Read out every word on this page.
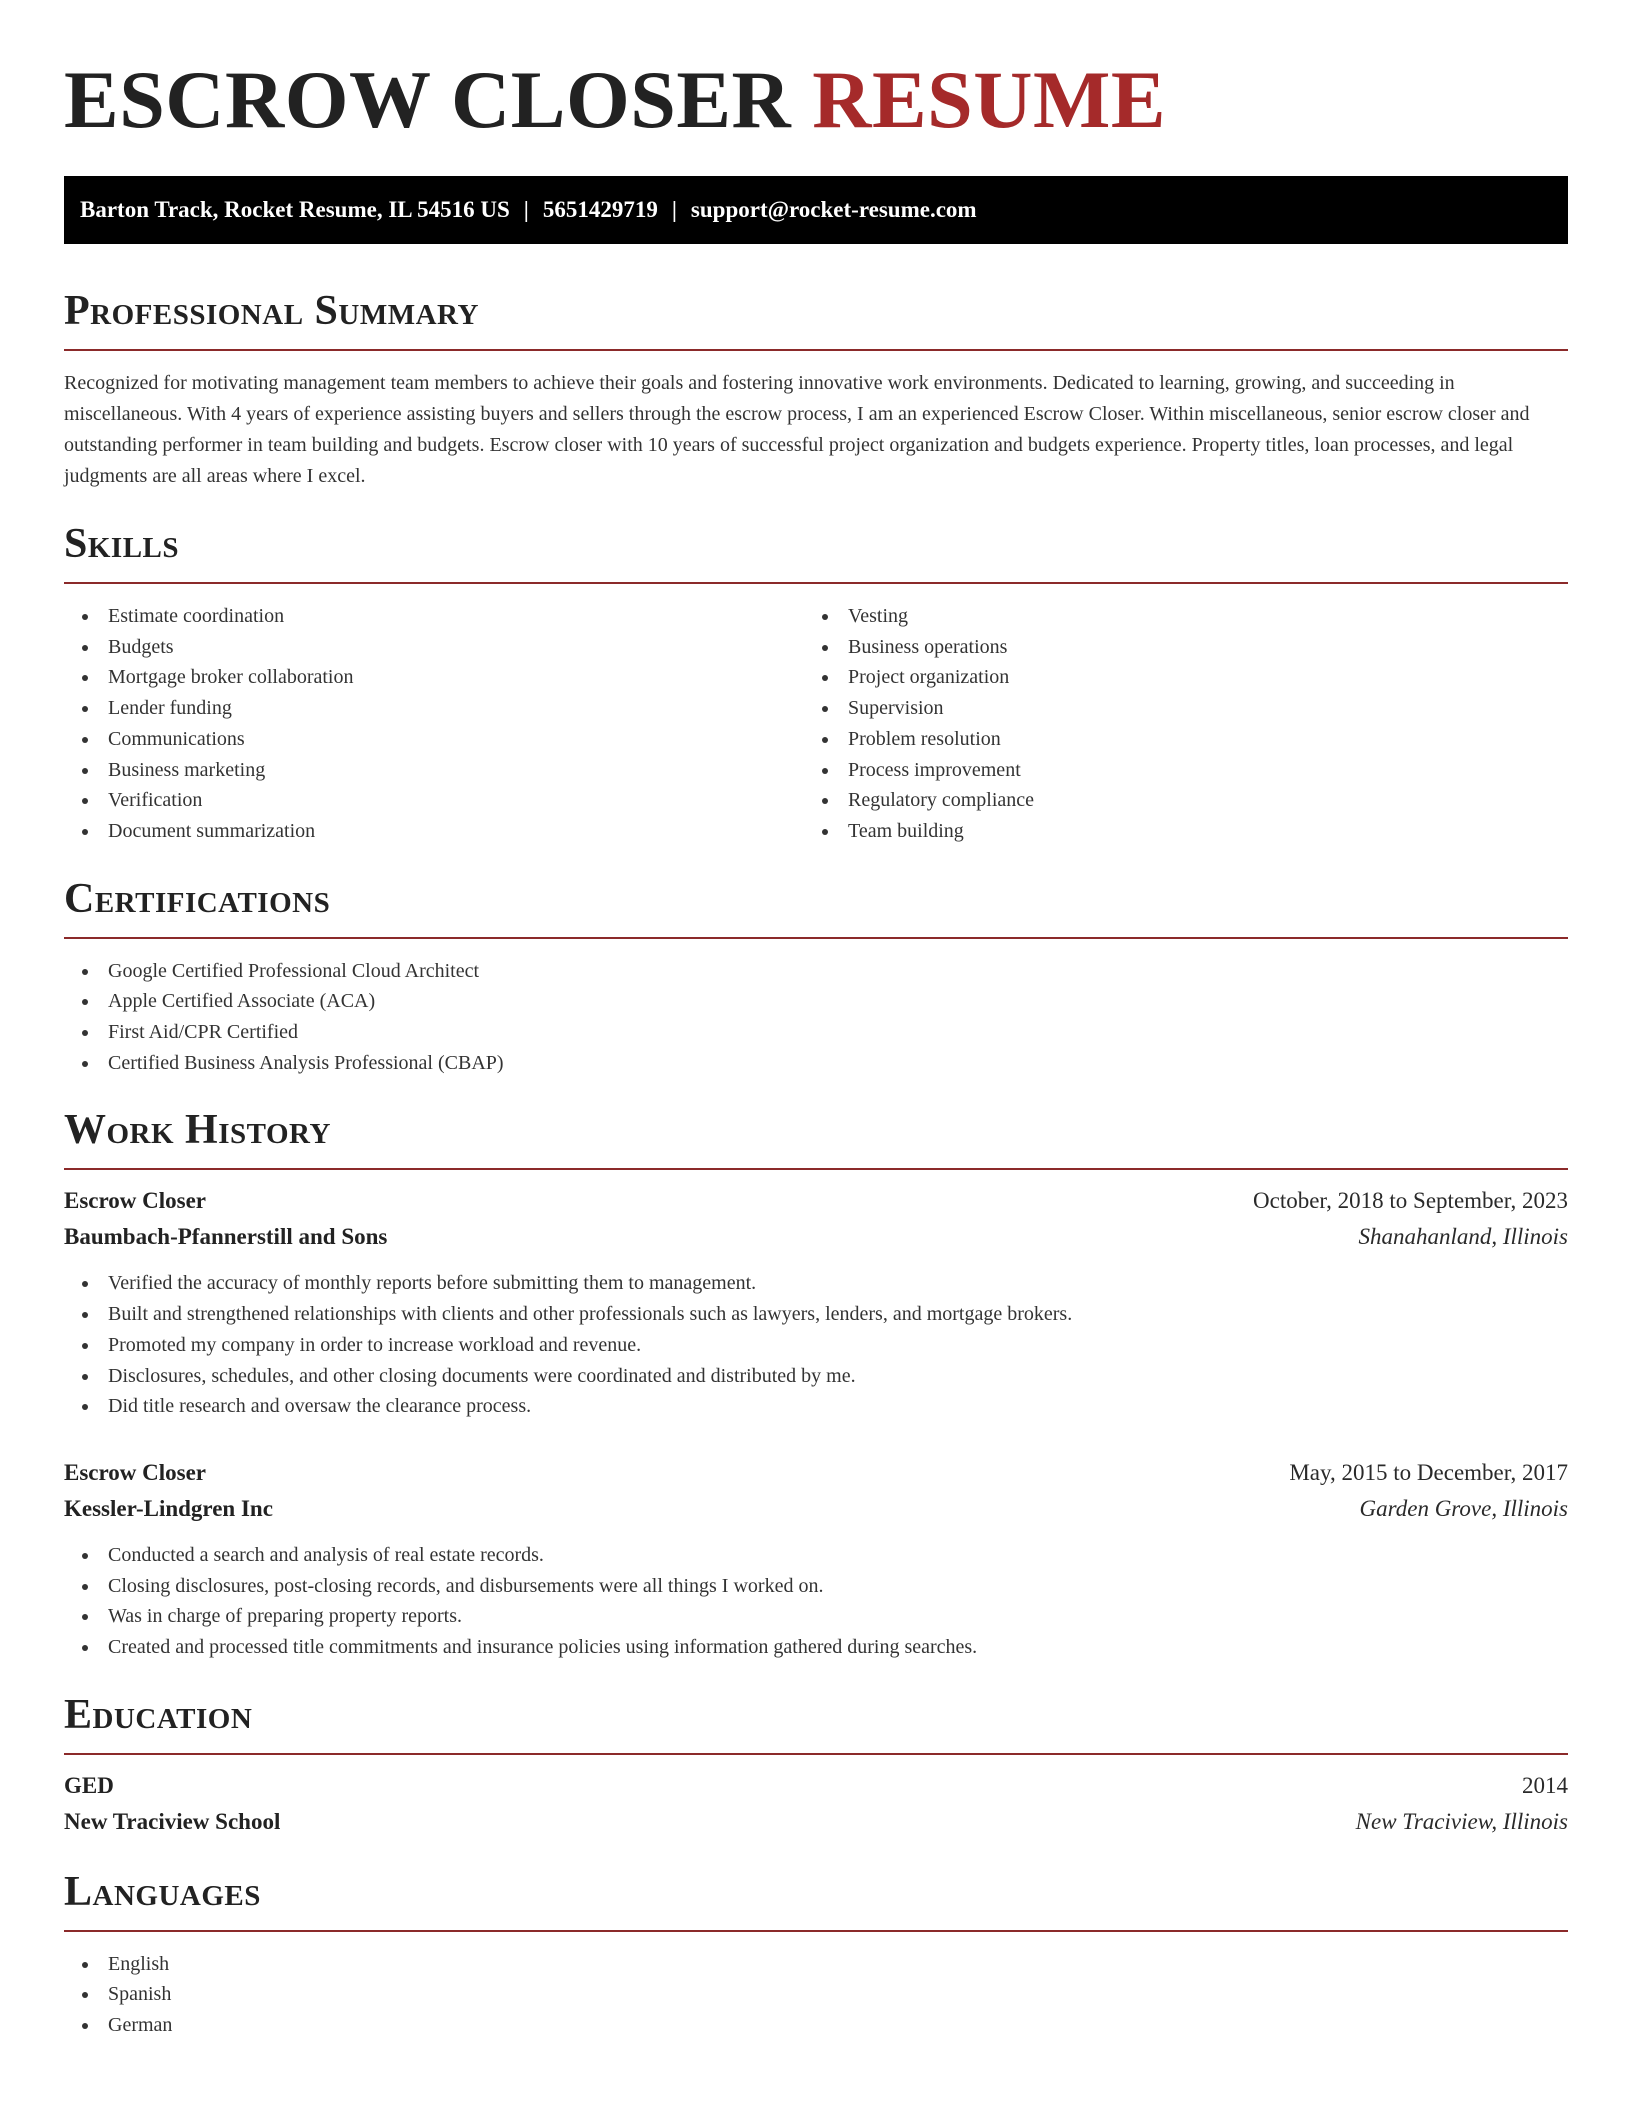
ESCROW CLOSER RESUME
Barton Track, Rocket Resume, IL 54516 US | 5651429719 | support@rocket-resume.com
Professional Summary

Recognized for motivating management team members to achieve their goals and fostering innovative work environments. Dedicated to learning, growing, and succeeding in miscellaneous. With 4 years of experience assisting buyers and sellers through the escrow process, I am an experienced Escrow Closer. Within miscellaneous, senior escrow closer and outstanding performer in team building and budgets. Escrow closer with 10 years of successful project organization and budgets experience. Property titles, loan processes, and legal judgments are all areas where I excel.

Skills
Estimate coordination
Budgets
Mortgage broker collaboration
Lender funding
Communications
Business marketing
Verification
Document summarization
Vesting
Business operations
Project organization
Supervision
Problem resolution
Process improvement
Regulatory compliance
Team building
Certifications
Google Certified Professional Cloud Architect
Apple Certified Associate (ACA)
First Aid/CPR Certified
Certified Business Analysis Professional (CBAP)
Work History
Escrow Closer	October, 2018 to September, 2023
Baumbach-Pfannerstill and Sons	Shanahanland, Illinois
Verified the accuracy of monthly reports before submitting them to management.
Built and strengthened relationships with clients and other professionals such as lawyers, lenders, and mortgage brokers.
Promoted my company in order to increase workload and revenue.
Disclosures, schedules, and other closing documents were coordinated and distributed by me.
Did title research and oversaw the clearance process.
Escrow Closer	May, 2015 to December, 2017
Kessler-Lindgren Inc	Garden Grove, Illinois
Conducted a search and analysis of real estate records.
Closing disclosures, post-closing records, and disbursements were all things I worked on.
Was in charge of preparing property reports.
Created and processed title commitments and insurance policies using information gathered during searches.
Education
GED	2014
New Traciview School	New Traciview, Illinois
Languages
English
Spanish
German
